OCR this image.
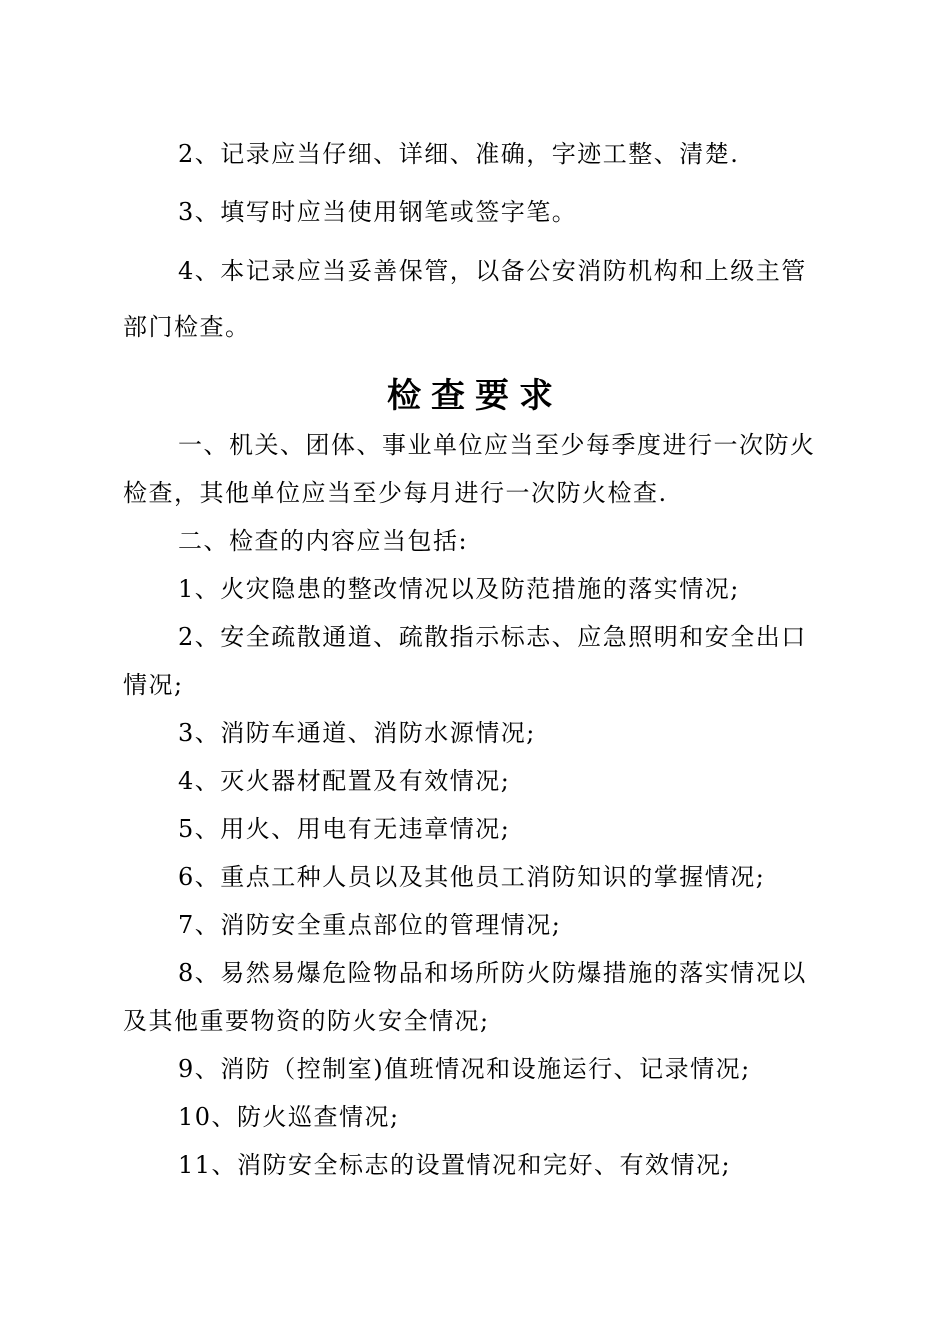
2、记录应当仔细、详细、准确，字迹工整、清楚.
3、填写时应当使用钢笔或签字笔。
4、本记录应当妥善保管，以备公安消防机构和上级主管
部门检查。
检查要求
一、机关、团体、事业单位应当至少每季度进行一次防火
检查，其他单位应当至少每月进行一次防火检查.
二、检查的内容应当包括:
1、火灾隐患的整改情况以及防范措施的落实情况;
2、安全疏散通道、疏散指示标志、应急照明和安全出口
情况;
3、消防车通道、消防水源情况;
4、灭火器材配置及有效情况;
5、用火、用电有无违章情况;
6、重点工种人员以及其他员工消防知识的掌握情况;
7、消防安全重点部位的管理情况;
8、易然易爆危险物品和场所防火防爆措施的落实情况以
及其他重要物资的防火安全情况;
9、消防（控制室)值班情况和设施运行、记录情况;
10、防火巡查情况;
11、消防安全标志的设置情况和完好、有效情况;
